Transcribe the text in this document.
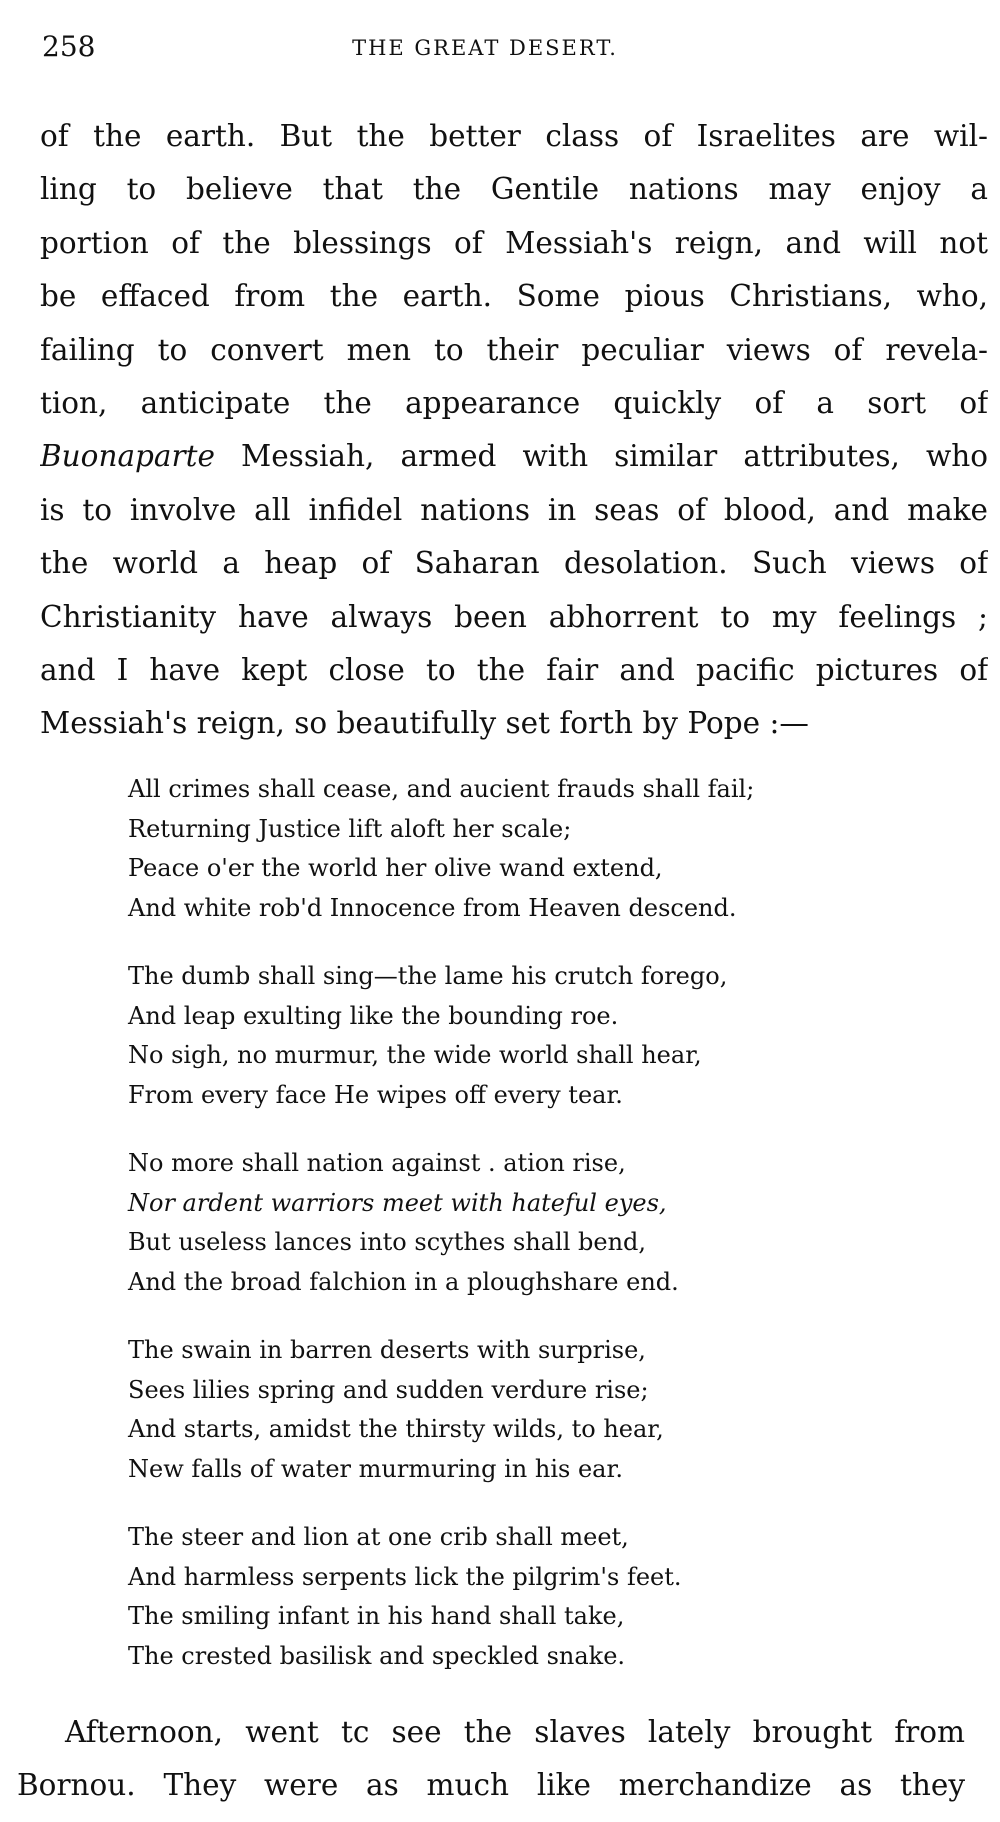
258	THE GREAT DESERT.
of the earth. But the better class of Israelites are wil-
ling to believe that the Gentile nations may enjoy a
portion of the blessings of Messiah's reign, and will not
be effaced from the earth. Some pious Christians, who,
failing to convert men to their peculiar views of revela-
tion, anticipate the appearance quickly of a sort of
Buonaparte Messiah, armed with similar attributes, who
is to involve all infidel nations in seas of blood, and make
the world a heap of Saharan desolation. Such views of
Christianity have always been abhorrent to my feelings ;
and I have kept close to the fair and pacific pictures of
Messiah's reign, so beautifully set forth by Pope :—
All crimes shall cease, and aucient frauds shall fail;
Returning Justice lift aloft her scale;
Peace o'er the world her olive wand extend,
And white rob'd Innocence from Heaven descend.
The dumb shall sing—the lame his crutch forego,
And leap exulting like the bounding roe.
No sigh, no murmur, the wide world shall hear,
From every face He wipes off every tear.
No more shall nation against . ation rise,
Nor ardent warriors meet with hateful eyes,
But useless lances into scythes shall bend,
And the broad falchion in a ploughshare end.
The swain in barren deserts with surprise,
Sees lilies spring and sudden verdure rise;
And starts, amidst the thirsty wilds, to hear,
New falls of water murmuring in his ear.
The steer and lion at one crib shall meet,
And harmless serpents lick the pilgrim's feet.
The smiling infant in his hand shall take,
The crested basilisk and speckled snake.
Afternoon, went tc see the slaves lately brought from
Bornou. They were as much like merchandize as they
